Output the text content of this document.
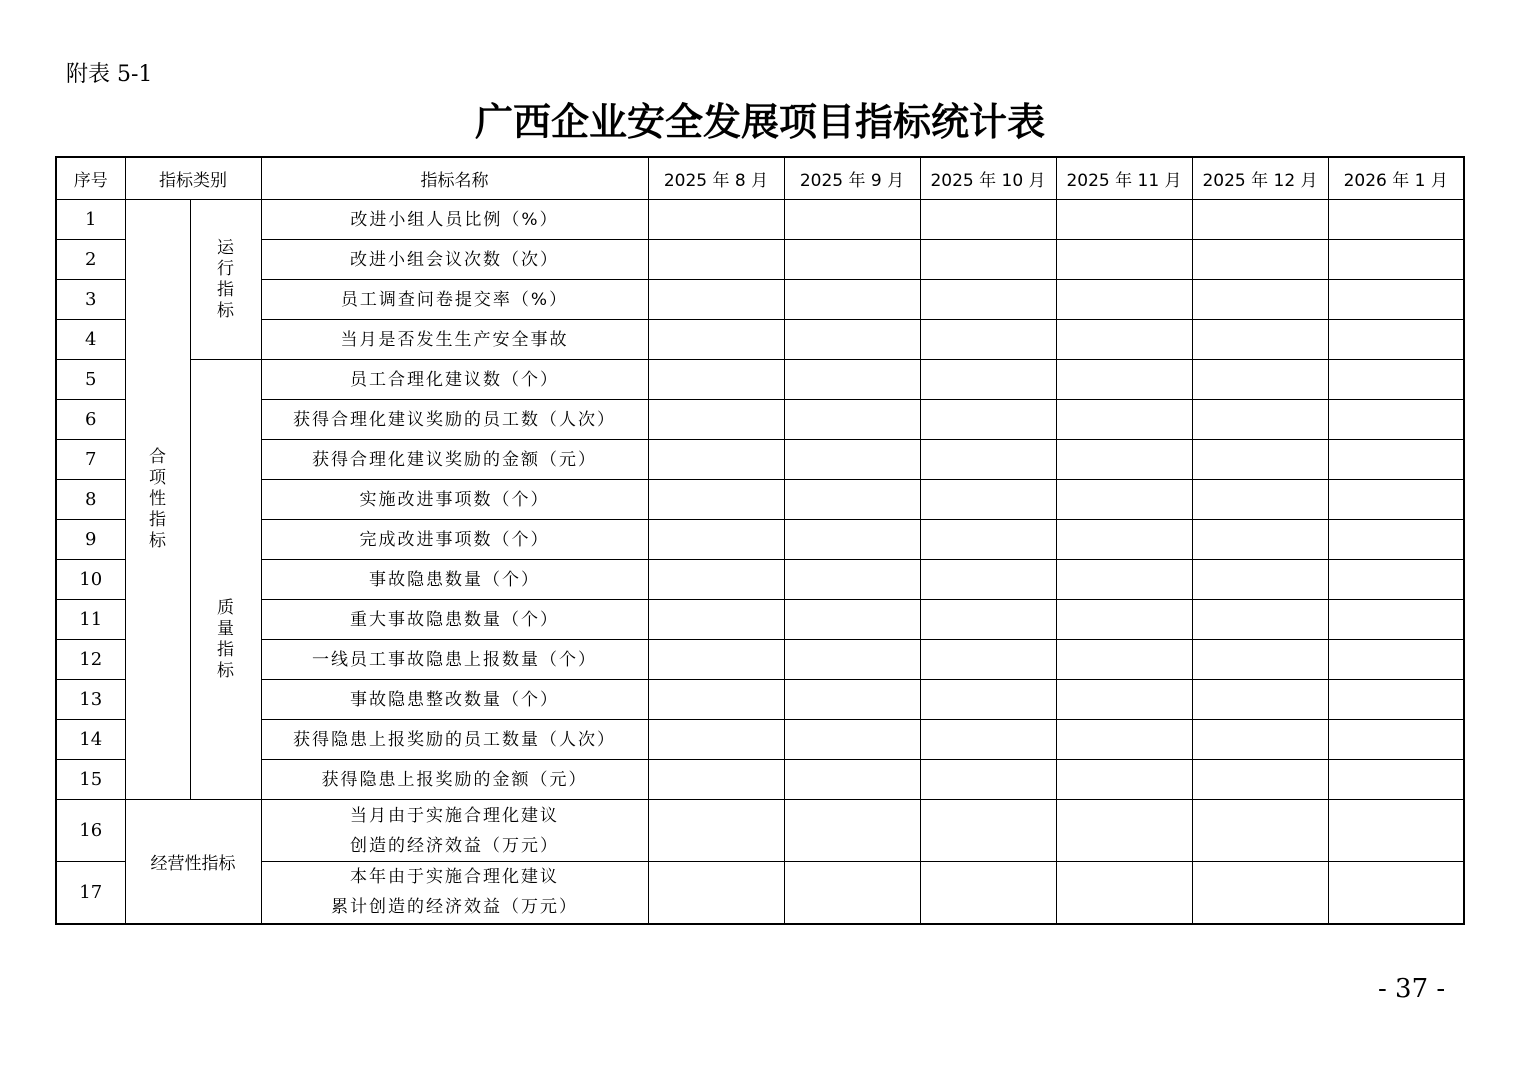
附表 5-1
广西企业安全发展项目指标统计表
序号	指标类别		指标名称	2025 年 8 月	2025 年 9 月	2025 年 10 月	2025 年 11 月	2025 年 12 月	2026 年 1 月
1	合项性指标	运行指标	改进小组人员比例（%）						
2			改进小组会议次数（次）						
3			员工调查问卷提交率（%）						
4			当月是否发生生产安全事故						
5		质量指标	员工合理化建议数（个）						
6			获得合理化建议奖励的员工数（人次）						
7			获得合理化建议奖励的金额（元）						
8			实施改进事项数（个）						
9			完成改进事项数（个）						
10			事故隐患数量（个）						
11			重大事故隐患数量（个）						
12			一线员工事故隐患上报数量（个）						
13			事故隐患整改数量（个）						
14			获得隐患上报奖励的员工数量（人次）						
15			获得隐患上报奖励的金额（元）						
16	经营性指标		当月由于实施合理化建议
创造的经济效益（万元）						

17			本年由于实施合理化建议
累计创造的经济效益（万元）						

- 37 -
